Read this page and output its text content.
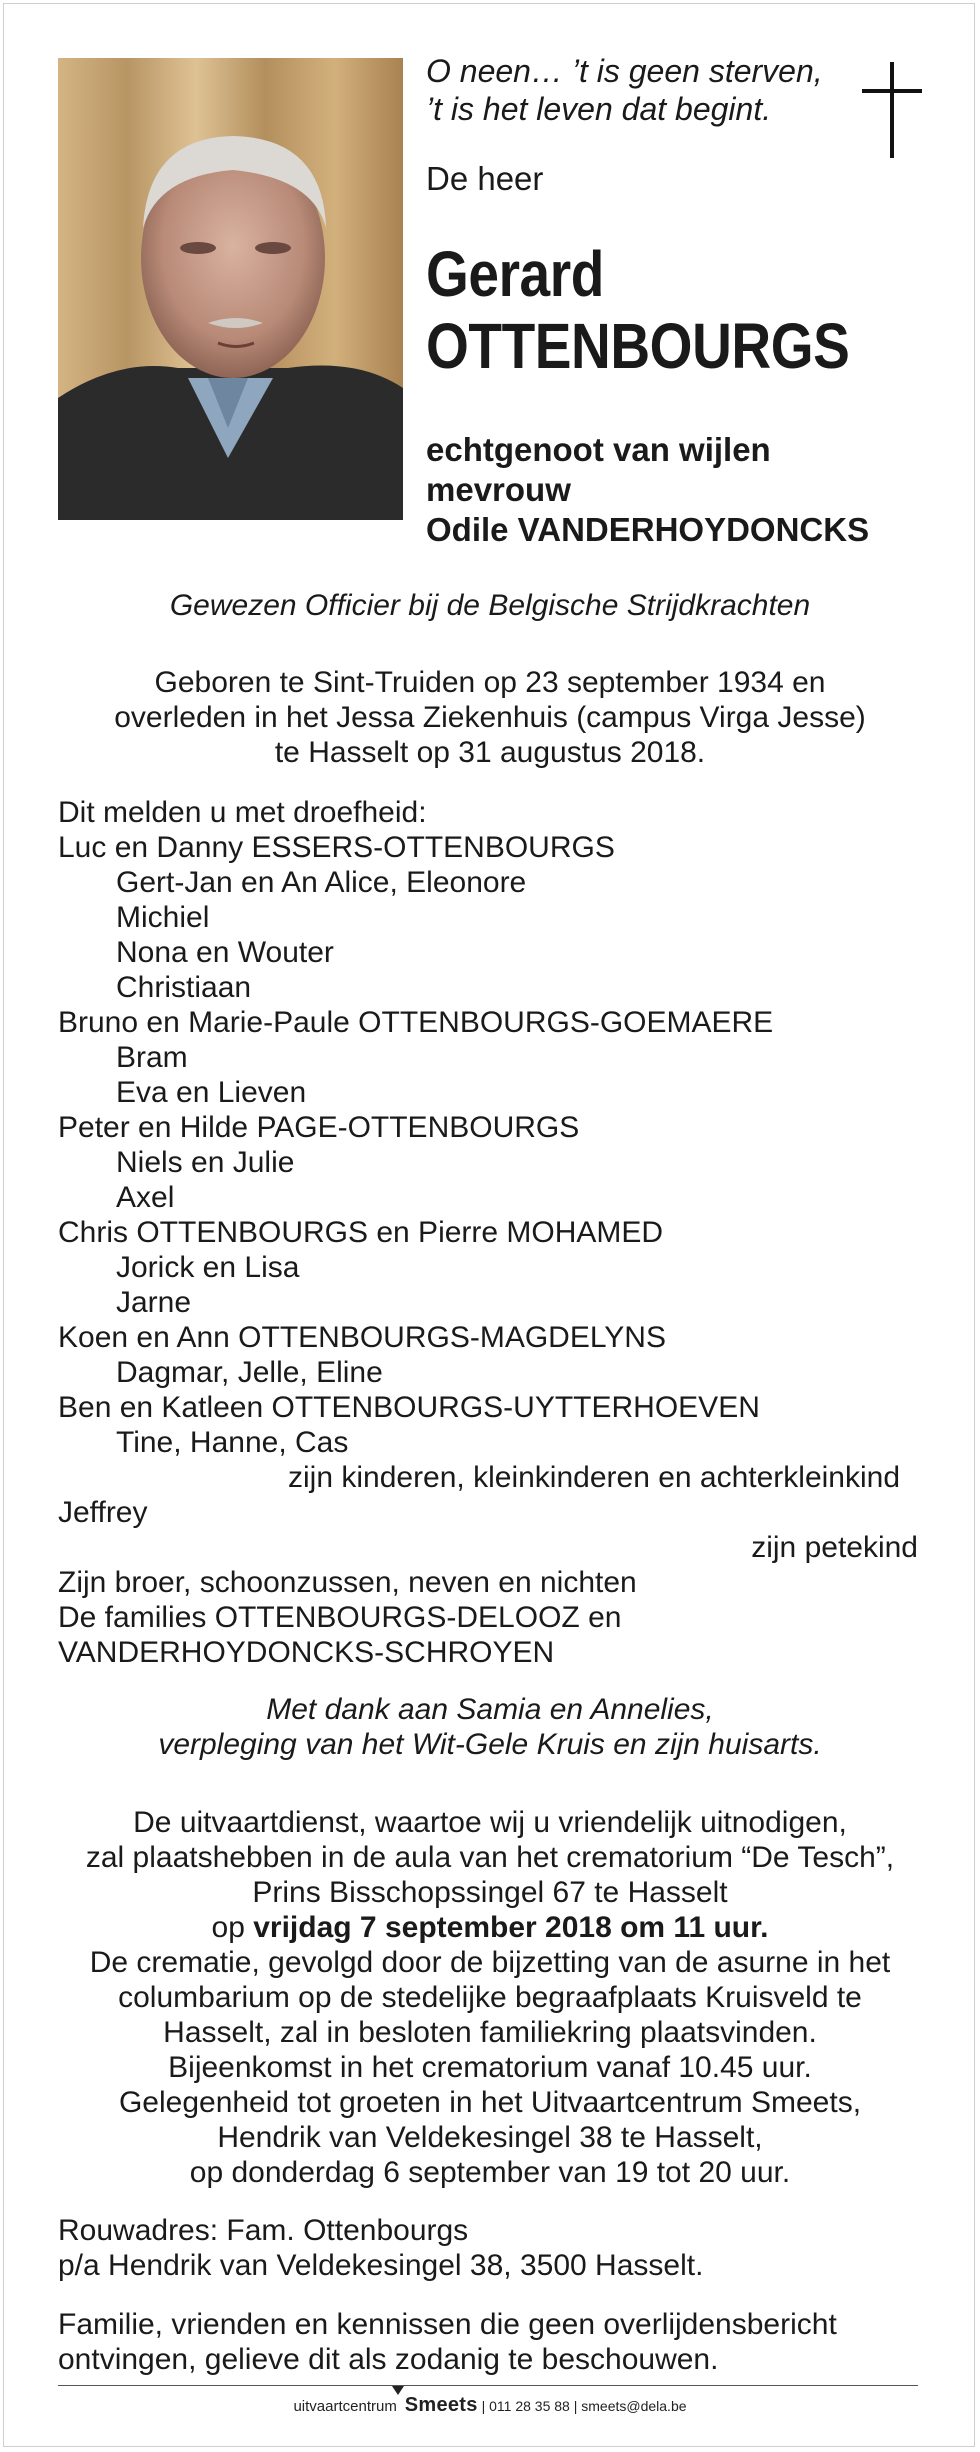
O neen… ’t is geen sterven,
’t is het leven dat begint.
De heer
Gerard
OTTENBOURGS
echtgenoot van wijlen
mevrouw
Odile VANDERHOYDONCKS
Gewezen Officier bij de Belgische Strijdkrachten
Geboren te Sint-Truiden op 23 september 1934 en
overleden in het Jessa Ziekenhuis (campus Virga Jesse)
te Hasselt op 31 augustus 2018.
Dit melden u met droefheid:
Luc en Danny ESSERS-OTTENBOURGS
Gert-Jan en An Alice, Eleonore
Michiel
Nona en Wouter
Christiaan
Bruno en Marie-Paule OTTENBOURGS-GOEMAERE
Bram
Eva en Lieven
Peter en Hilde PAGE-OTTENBOURGS
Niels en Julie
Axel
Chris OTTENBOURGS en Pierre MOHAMED
Jorick en Lisa
Jarne
Koen en Ann OTTENBOURGS-MAGDELYNS
Dagmar, Jelle, Eline
Ben en Katleen OTTENBOURGS-UYTTERHOEVEN
Tine, Hanne, Cas
zijn kinderen, kleinkinderen en achterkleinkind
Jeffrey
zijn petekind
Zijn broer, schoonzussen, neven en nichten
De families OTTENBOURGS-DELOOZ en
VANDERHOYDONCKS-SCHROYEN
Met dank aan Samia en Annelies,
verpleging van het Wit-Gele Kruis en zijn huisarts.
De uitvaartdienst, waartoe wij u vriendelijk uitnodigen,
zal plaatshebben in de aula van het crematorium “De Tesch”,
Prins Bisschopssingel 67 te Hasselt
op vrijdag 7 september 2018 om 11 uur.
De crematie, gevolgd door de bijzetting van de asurne in het
columbarium op de stedelijke begraafplaats Kruisveld te
Hasselt, zal in besloten familiekring plaatsvinden.
Bijeenkomst in het crematorium vanaf 10.45 uur.
Gelegenheid tot groeten in het Uitvaartcentrum Smeets,
Hendrik van Veldekesingel 38 te Hasselt,
op donderdag 6 september van 19 tot 20 uur.
Rouwadres: Fam. Ottenbourgs
p/a Hendrik van Veldekesingel 38, 3500 Hasselt.
Familie, vrienden en kennissen die geen overlijdensbericht
ontvingen, gelieve dit als zodanig te beschouwen.
uitvaartcentrum Smeets | 011 28 35 88 | smeets@dela.be
